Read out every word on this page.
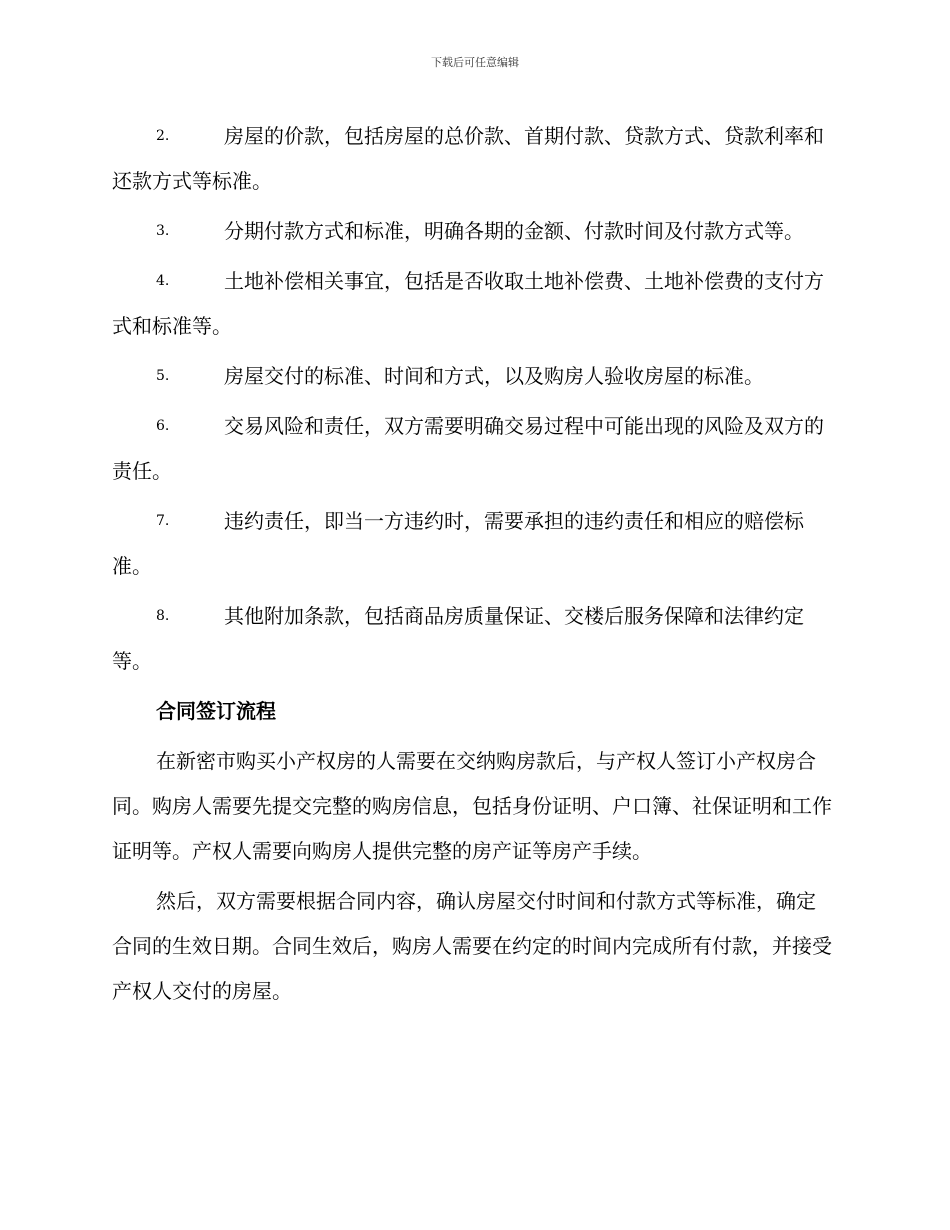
下载后可任意编辑
2.	房屋的价款，包括房屋的总价款、首期付款、贷款方式、贷款利率和还款方式等标准。
3.	分期付款方式和标准，明确各期的金额、付款时间及付款方式等。
4.	土地补偿相关事宜，包括是否收取土地补偿费、土地补偿费的支付方式和标准等。
5.	房屋交付的标准、时间和方式，以及购房人验收房屋的标准。
6.	交易风险和责任，双方需要明确交易过程中可能出现的风险及双方的责任。
7.	违约责任，即当一方违约时，需要承担的违约责任和相应的赔偿标准。
8.	其他附加条款，包括商品房质量保证、交楼后服务保障和法律约定等。
合同签订流程
在新密市购买小产权房的人需要在交纳购房款后，与产权人签订小产权房合同。购房人需要先提交完整的购房信息，包括身份证明、户口簿、社保证明和工作证明等。产权人需要向购房人提供完整的房产证等房产手续。
然后，双方需要根据合同内容，确认房屋交付时间和付款方式等标准，确定合同的生效日期。合同生效后，购房人需要在约定的时间内完成所有付款，并接受产权人交付的房屋。
